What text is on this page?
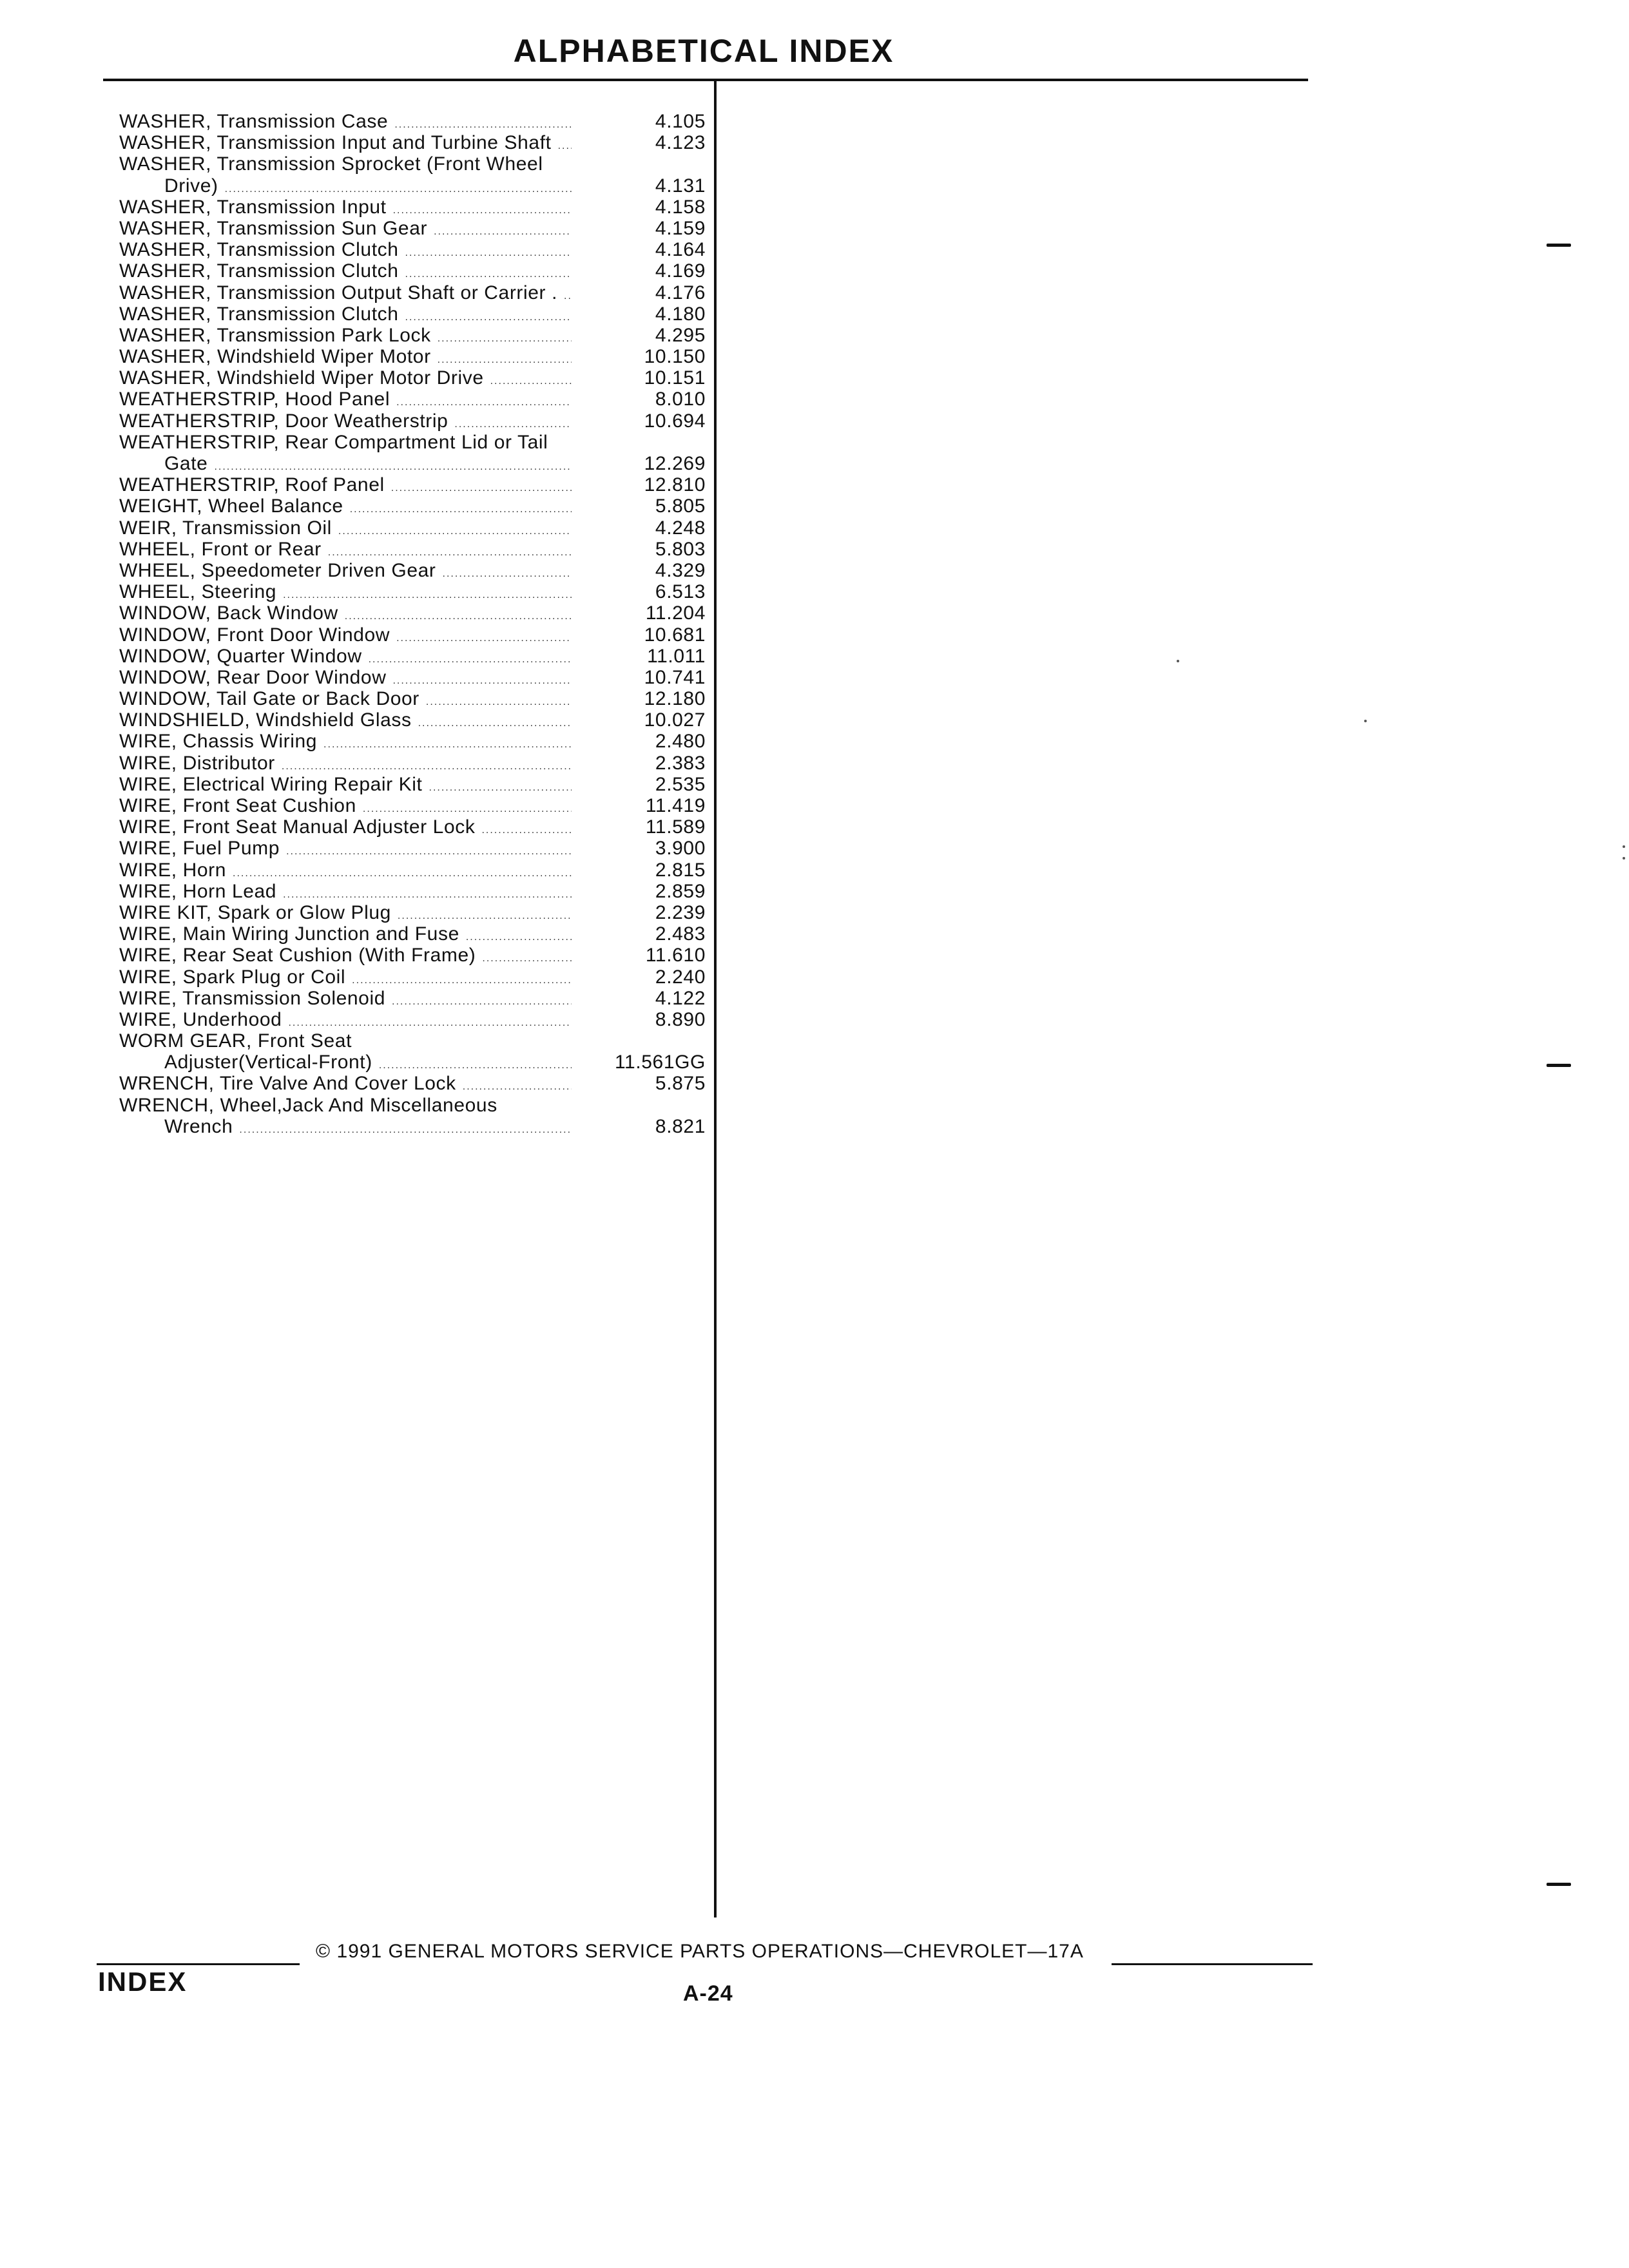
ALPHABETICAL INDEX
WASHER, Transmission Case .....	4.105
WASHER, Transmission Input and Turbine Shaft .....	4.123
WASHER, Transmission Sprocket (Front Wheel
Drive) .....	4.131
WASHER, Transmission Input .....	4.158
WASHER, Transmission Sun Gear .....	4.159
WASHER, Transmission Clutch .....	4.164
WASHER, Transmission Clutch .....	4.169
WASHER, Transmission Output Shaft or Carrier . .....	4.176
WASHER, Transmission Clutch .....	4.180
WASHER, Transmission Park Lock .....	4.295
WASHER, Windshield Wiper Motor .....	10.150
WASHER, Windshield Wiper Motor Drive .....	10.151
WEATHERSTRIP, Hood Panel .....	8.010
WEATHERSTRIP, Door Weatherstrip .....	10.694
WEATHERSTRIP, Rear Compartment Lid or Tail
Gate .....	12.269
WEATHERSTRIP, Roof Panel .....	12.810
WEIGHT, Wheel Balance .....	5.805
WEIR, Transmission Oil .....	4.248
WHEEL, Front or Rear .....	5.803
WHEEL, Speedometer Driven Gear .....	4.329
WHEEL, Steering .....	6.513
WINDOW, Back Window .....	11.204
WINDOW, Front Door Window .....	10.681
WINDOW, Quarter Window .....	11.011
WINDOW, Rear Door Window .....	10.741
WINDOW, Tail Gate or Back Door .....	12.180
WINDSHIELD, Windshield Glass .....	10.027
WIRE, Chassis Wiring .....	2.480
WIRE, Distributor .....	2.383
WIRE, Electrical Wiring Repair Kit .....	2.535
WIRE, Front Seat Cushion .....	11.419
WIRE, Front Seat Manual Adjuster Lock .....	11.589
WIRE, Fuel Pump .....	3.900
WIRE, Horn .....	2.815
WIRE, Horn Lead .....	2.859
WIRE KIT, Spark or Glow Plug .....	2.239
WIRE, Main Wiring Junction and Fuse .....	2.483
WIRE, Rear Seat Cushion (With Frame) .....	11.610
WIRE, Spark Plug or Coil .....	2.240
WIRE, Transmission Solenoid .....	4.122
WIRE, Underhood .....	8.890
WORM GEAR, Front Seat
Adjuster(Vertical-Front) .....	11.561GG
WRENCH, Tire Valve And Cover Lock .....	5.875
WRENCH, Wheel,Jack And Miscellaneous
Wrench .....	8.821
© 1991 GENERAL MOTORS SERVICE PARTS OPERATIONS—CHEVROLET—17A
INDEX	A-24
